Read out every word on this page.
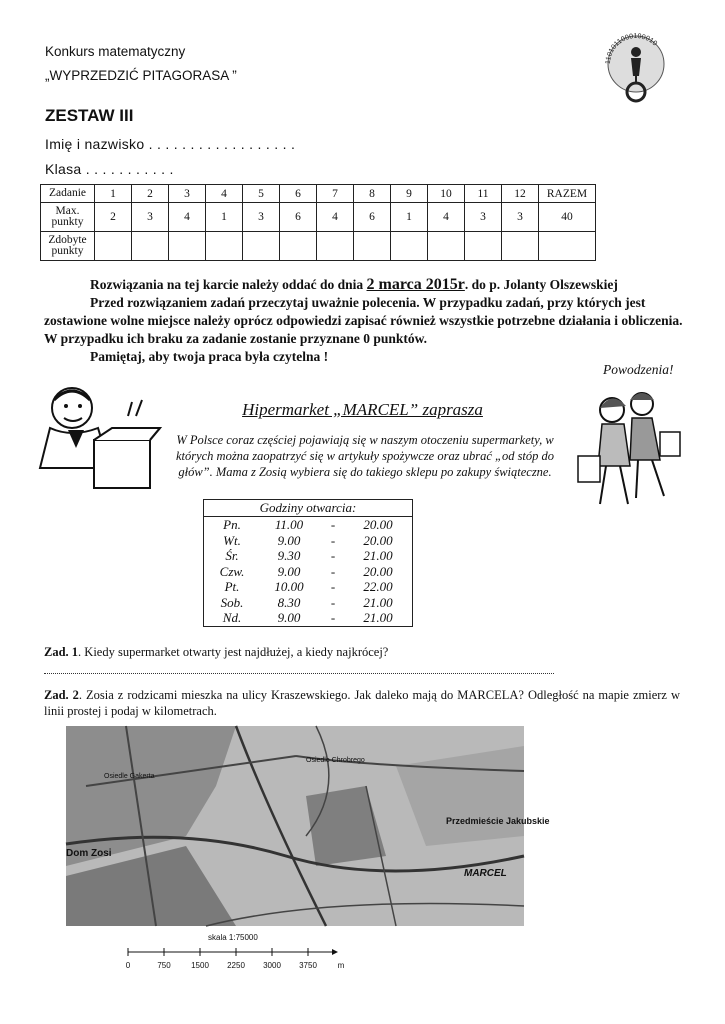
Konkurs matematyczny
„WYPRZEDZIĆ PITAGORASA ”
1101011000100010
ZESTAW III
Imię i nazwisko . . . . . . . . . . . . . . . . . .
Klasa . . . . . . . . . . .
Zadanie	1	2	3	4	5	6	7	8	9	10	11	12	RAZEM
Max.
punkty	2	3	4	1	3	6	4	6	1	4	3	3	40
Zdobyte
punkty													

Rozwiązania na tej karcie należy oddać do dnia 2 marca 2015r. do p. Jolanty Olszewskiej

Przed rozwiązaniem zadań przeczytaj uważnie polecenia. W przypadku zadań, przy których jest zostawione wolne miejsce należy oprócz odpowiedzi zapisać również wszystkie potrzebne działania i obliczenia. W przypadku ich braku za zadanie zostanie przyznane 0 punktów.

Pamiętaj, aby twoja praca była czytelna !

Powodzenia!
Hipermarket „MARCEL” zaprasza
W Polsce coraz częściej pojawiają się w naszym otoczeniu supermarkety, w których można zaopatrzyć się w artykuły spożywcze oraz ubrać „od stóp do głów”. Mama z Zosią wybiera się do takiego sklepu po zakupy świąteczne.
Godziny otwarcia:
Pn.	11.00	-	20.00
Wt.	9.00	-	20.00
Śr.	9.30	-	21.00
Czw.	9.00	-	20.00
Pt.	10.00	-	22.00
Sob.	8.30	-	21.00
Nd.	9.00	-	21.00
Zad. 1. Kiedy supermarket otwarty jest najdłużej, a kiedy najkrócej?
Zad. 2. Zosia z rodzicami mieszka na ulicy Kraszewskiego. Jak daleko mają do MARCELA? Odległość na mapie zmierz w linii prostej i podaj w kilometrach.
Osiedle Gakerta
Osiedle Chrobrego
Przedmieście Jakubskie
Dom Zosi
MARCEL
skala 1:75000
0	750	1500 2250 3000 3750	m
